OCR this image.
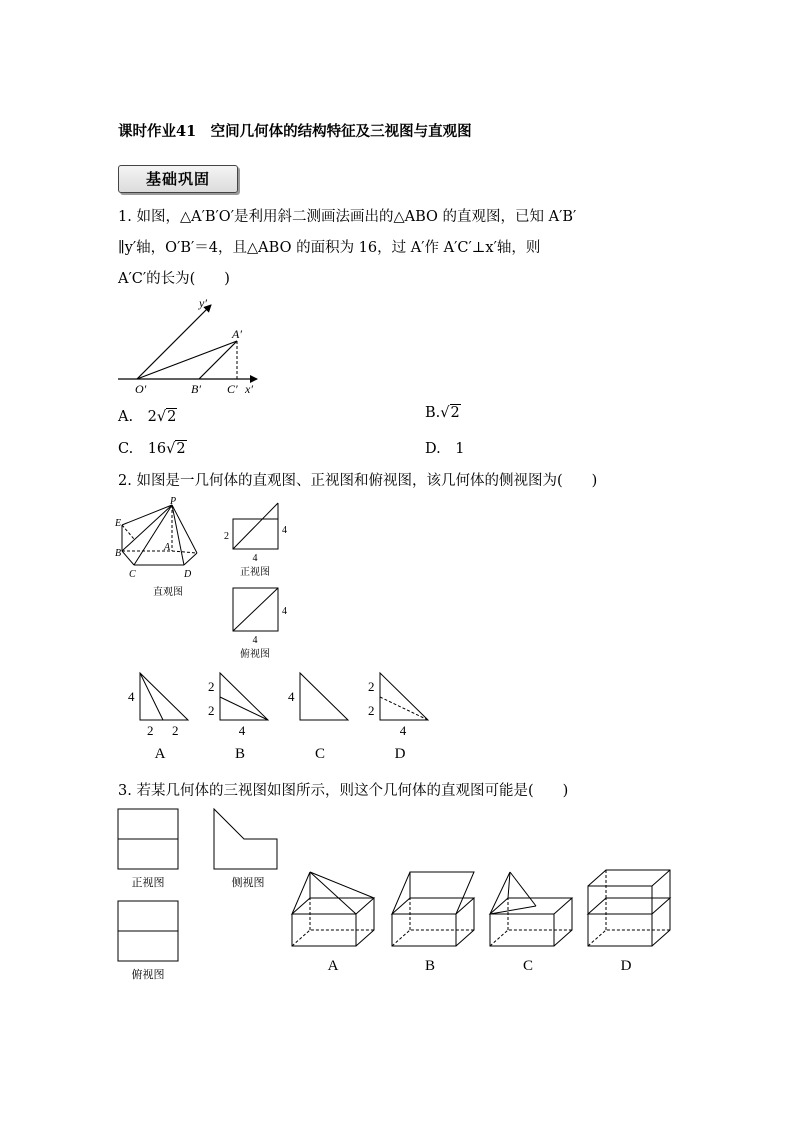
课时作业41　空间几何体的结构特征及三视图与直观图
基础巩固
1. 如图，△A′B′O′是利用斜二测画法画出的△ABO 的直观图，已知 A′B′
∥y′轴，O′B′＝4，且△ABO 的面积为 16，过 A′作 A′C′⊥x′轴，则
A′C′的长为(　　)
y′
A′
O′	B′ C′ x′
A.　 2√2	B.√2
C.　 16√2	D.　1
2. 如图是一几何体的直观图、正视图和俯视图，该几何体的侧视图为(　　)
P
E
B
C
A
D
直观图
2
4
4
正视图
4
4
俯视图
4
2 2
A
2
2
4
B
4
C
2
2
4
D
3. 若某几何体的三视图如图所示，则这个几何体的直观图可能是(　　)
正视图	侧视图
俯视图
A	B	C	D
